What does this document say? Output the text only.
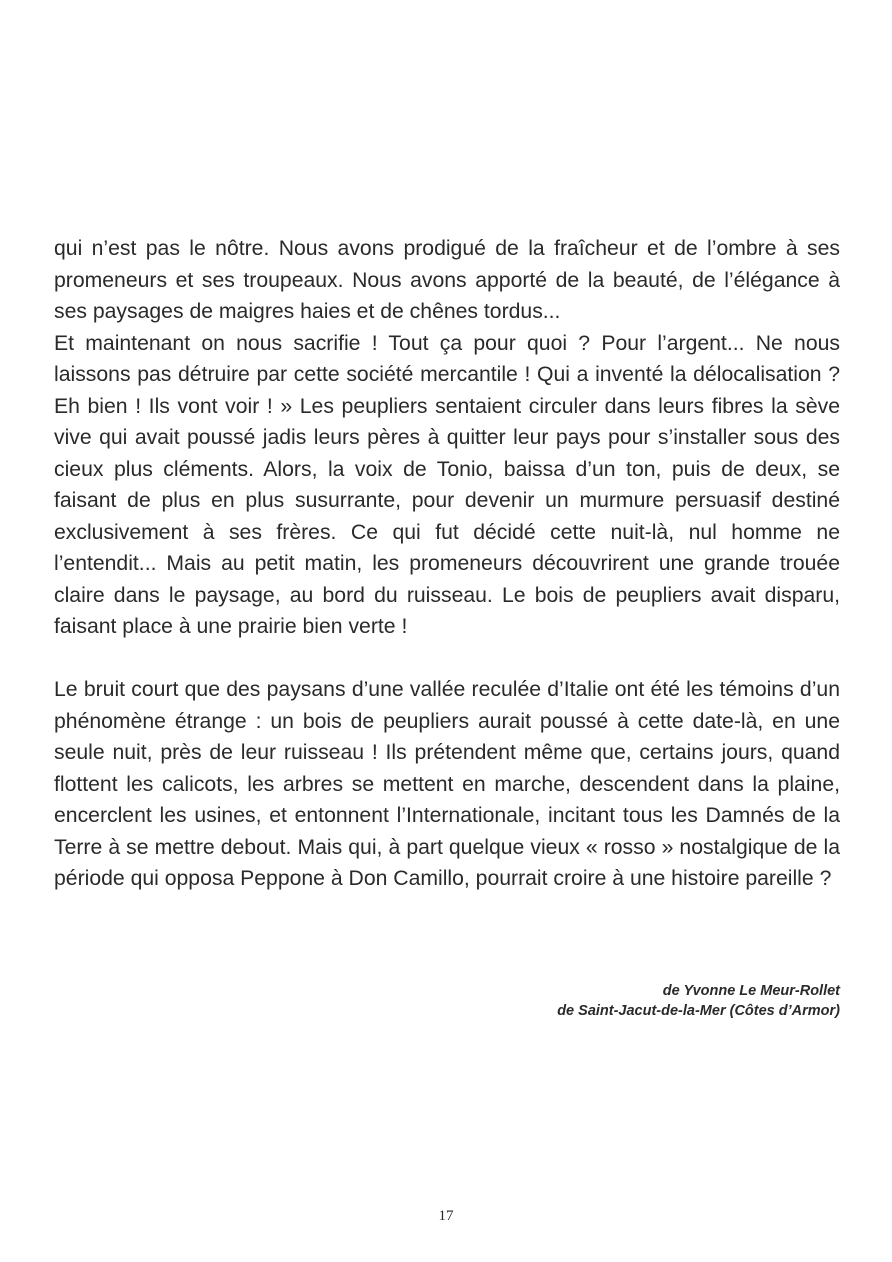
qui n’est pas le nôtre. Nous avons prodigué de la fraîcheur et de l’ombre à ses promeneurs et ses troupeaux. Nous avons apporté de la beauté, de l’élégance à ses paysages de maigres haies et de chênes tordus...

Et maintenant on nous sacrifie ! Tout ça pour quoi ? Pour l’argent... Ne nous laissons pas détruire par cette société mercantile ! Qui a inventé la délocalisation ? Eh bien ! Ils vont voir ! » Les peupliers sentaient circuler dans leurs fibres la sève vive qui avait poussé jadis leurs pères à quitter leur pays pour s’installer sous des cieux plus cléments. Alors, la voix de Tonio, baissa d’un ton, puis de deux, se faisant de plus en plus susurrante, pour devenir un murmure persuasif destiné exclusivement à ses frères. Ce qui fut décidé cette nuit-là, nul homme ne l’entendit... Mais au petit matin, les promeneurs découvrirent une grande trouée claire dans le paysage, au bord du ruisseau. Le bois de peupliers avait disparu, faisant place à une prairie bien verte !

Le bruit court que des paysans d’une vallée reculée d’Italie ont été les témoins d’un phénomène étrange : un bois de peupliers aurait poussé à cette date-là, en une seule nuit, près de leur ruisseau ! Ils prétendent même que, certains jours, quand flottent les calicots, les arbres se mettent en marche, descendent dans la plaine, encerclent les usines, et entonnent l’Internationale, incitant tous les Damnés de la Terre à se mettre debout. Mais qui, à part quelque vieux « rosso » nostalgique de la période qui opposa Peppone à Don Camillo, pourrait croire à une histoire pareille ?

de Yvonne Le Meur-Rollet
de Saint-Jacut-de-la-Mer (Côtes d’Armor)
17
